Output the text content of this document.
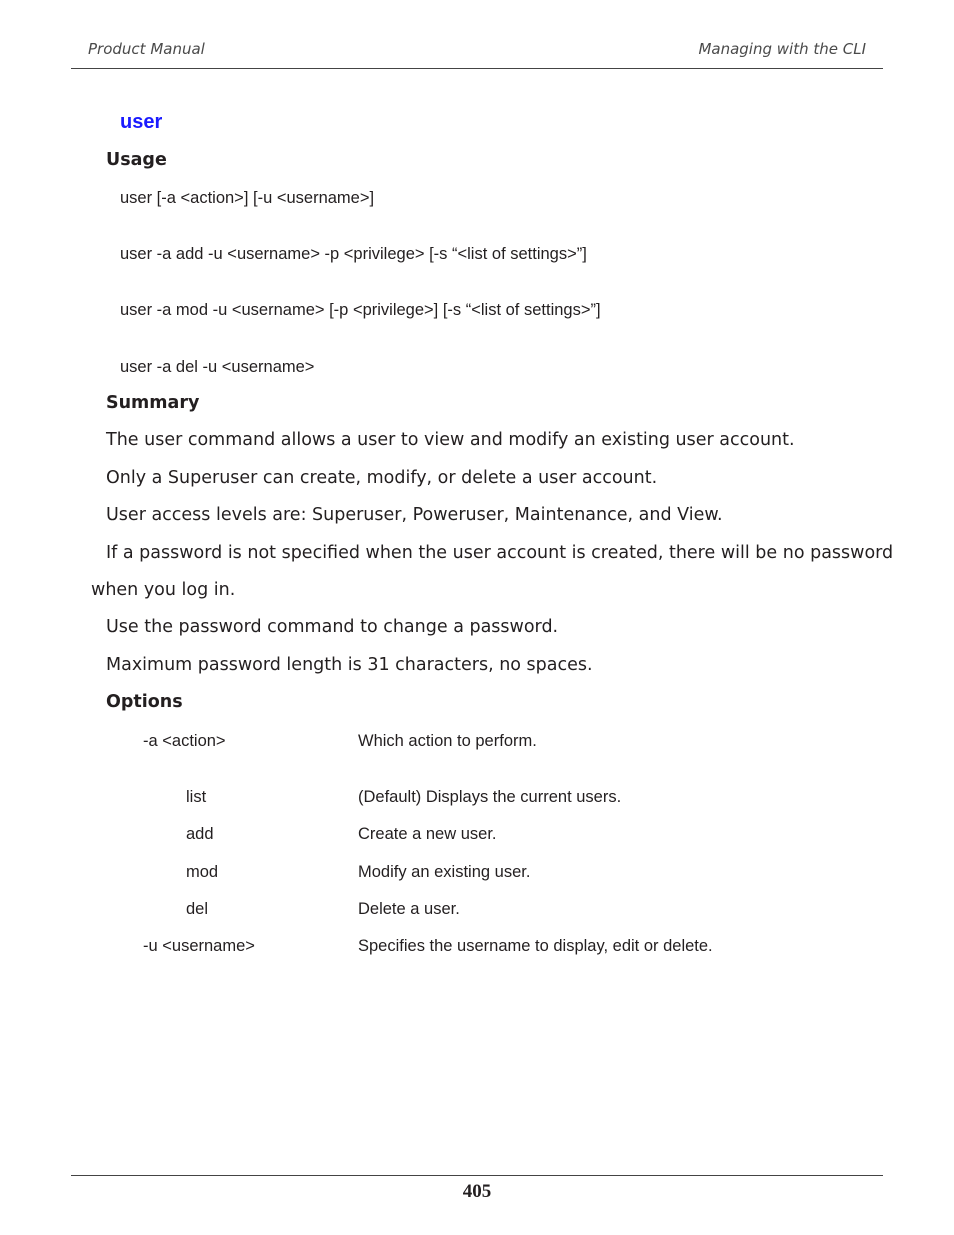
Product Manual	Managing with the CLI
user
Usage
user [-a <action>] [-u <username>]
user -a add -u <username> -p <privilege> [-s “<list of settings>”]
user -a mod -u <username> [-p <privilege>] [-s “<list of settings>”]
user -a del -u <username>
Summary
The user command allows a user to view and modify an existing user account.
Only a Superuser can create, modify, or delete a user account.
User access levels are: Superuser, Poweruser, Maintenance, and View.
If a password is not specified when the user account is created, there will be no password
when you log in.
Use the password command to change a password.
Maximum password length is 31 characters, no spaces.
Options
-a <action>	Which action to perform.
list	(Default) Displays the current users.
add	Create a new user.
mod	Modify an existing user.
del	Delete a user.
-u <username>	Specifies the username to display, edit or delete.
405
